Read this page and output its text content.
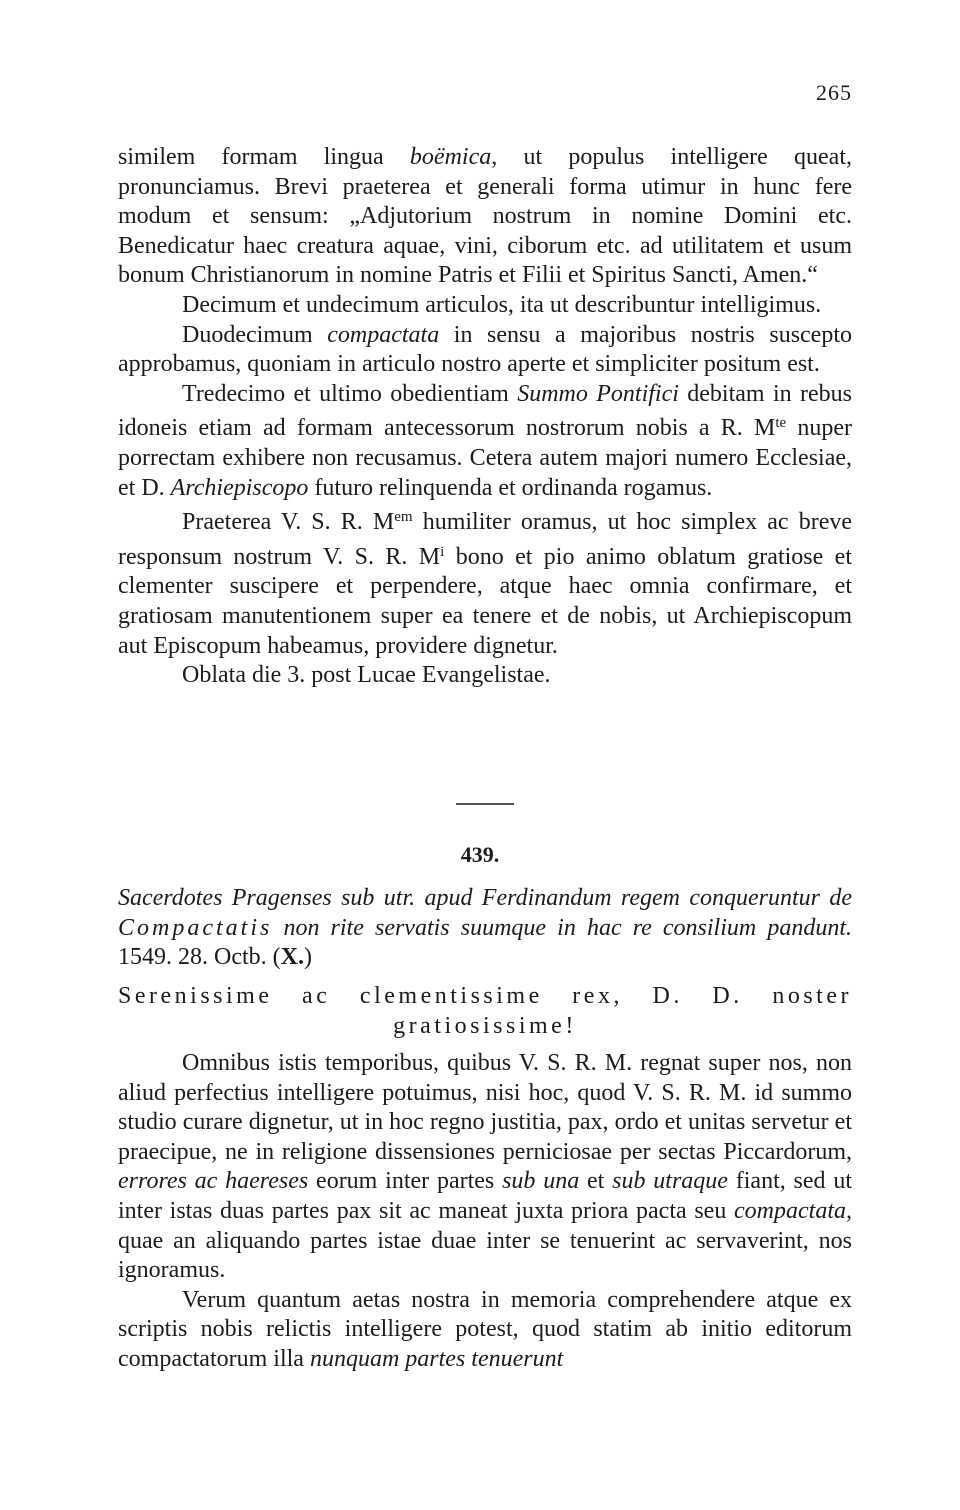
265

similem formam lingua boëmica, ut populus intelligere queat, pronunciamus. Brevi praeterea et generali forma utimur in hunc fere modum et sensum: „Adjutorium nostrum in nomine Domini etc. Benedicatur haec creatura aquae, vini, ciborum etc. ad utilitatem et usum bonum Christianorum in nomine Patris et Filii et Spiritus Sancti, Amen.“

Decimum et undecimum articulos, ita ut describuntur intelligimus.

Duodecimum compactata in sensu a majoribus nostris suscepto approbamus, quoniam in articulo nostro aperte et simpliciter positum est.

Tredecimo et ultimo obedientiam Summo Pontifici debitam in rebus idoneis etiam ad formam antecessorum nostrorum nobis a R. $M^{te}$ nuper porrectam exhibere non recusamus. Cetera autem majori numero Ecclesiae, et D. Archiepiscopo futuro relinquenda et ordinanda rogamus.

Praeterea V. S. R. $M^{em}$ humiliter oramus, ut hoc simplex ac breve responsum nostrum V. S. R. $M^i$ bono et pio animo oblatum gratiose et clementer suscipere et perpendere, atque haec omnia confirmare, et gratiosam manutentionem super ea tenere et de nobis, ut Archiepiscopum aut Episcopum habeamus, providere dignetur.

Oblata die 3. post Lucae Evangelistae.

439.
Sacerdotes Pragenses sub utr. apud Ferdinandum regem conqueruntur de Compactatis non rite servatis suumque in hac re consilium pandunt. 1549. 28. Octb. (X.)
Serenissime ac clementissime rex, D. D. noster
gratiosissime!

Omnibus istis temporibus, quibus V. S. R. M. regnat super nos, non aliud perfectius intelligere potuimus, nisi hoc, quod V. S. R. M. id summo studio curare dignetur, ut in hoc regno justitia, pax, ordo et unitas servetur et praecipue, ne in religione dissensiones perniciosae per sectas Piccardorum, errores ac haereses eorum inter partes sub una et sub utraque fiant, sed ut inter istas duas partes pax sit ac maneat juxta priora pacta seu compactata, quae an aliquando partes istae duae inter se tenuerint ac servaverint, nos ignoramus.

Verum quantum aetas nostra in memoria comprehendere atque ex scriptis nobis relictis intelligere potest, quod statim ab initio editorum compactatorum illa nunquam partes tenuerunt
